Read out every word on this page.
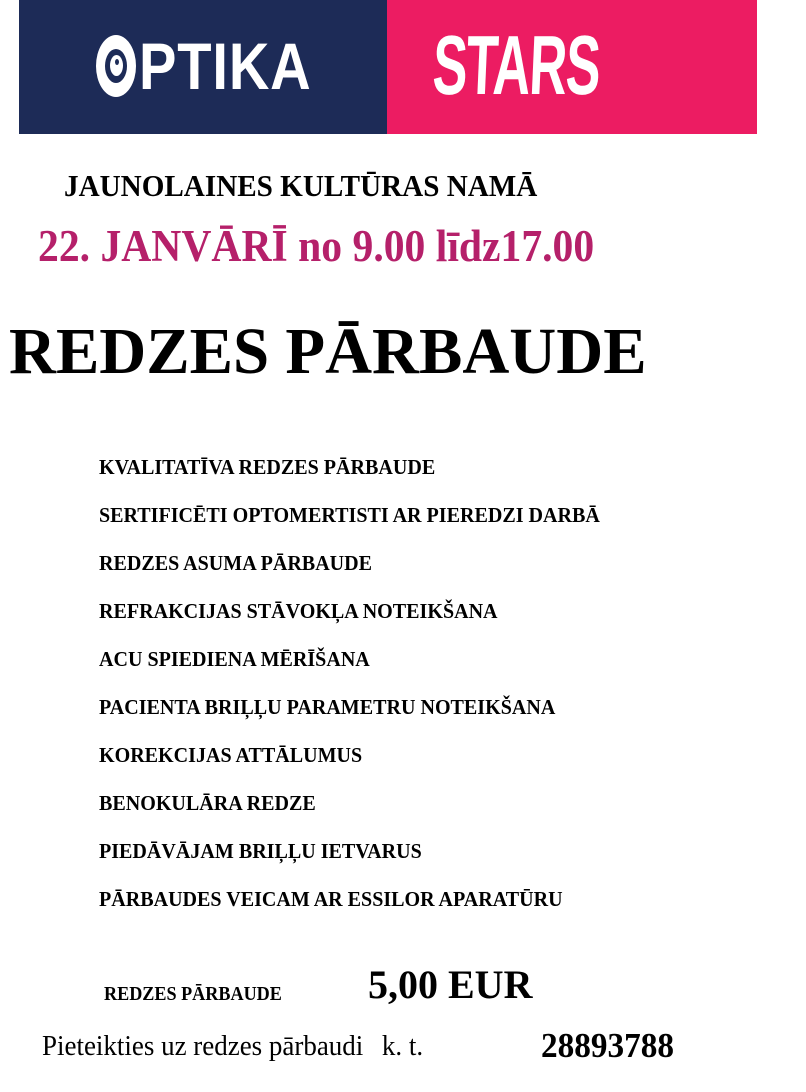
PTIKA STARS
JAUNOLAINES KULTŪRAS NAMĀ
22. JANVĀRĪ no 9.00 līdz17.00
REDZES PĀRBAUDE
KVALITATĪVA REDZES PĀRBAUDE
SERTIFICĒTI OPTOMERTISTI AR PIEREDZI DARBĀ
REDZES ASUMA PĀRBAUDE
REFRAKCIJAS STĀVOKĻA NOTEIKŠANA
ACU SPIEDIENA MĒRĪŠANA
PACIENTA BRIĻĻU PARAMETRU NOTEIKŠANA
KOREKCIJAS ATTĀLUMUS
BENOKULĀRA REDZE
PIEDĀVĀJAM BRIĻĻU IETVARUS
PĀRBAUDES VEICAM AR ESSILOR APARATŪRU
REDZES PĀRBAUDE 5,00 EUR
Pieteikties uz redzes pārbaudi k. t.	28893788
